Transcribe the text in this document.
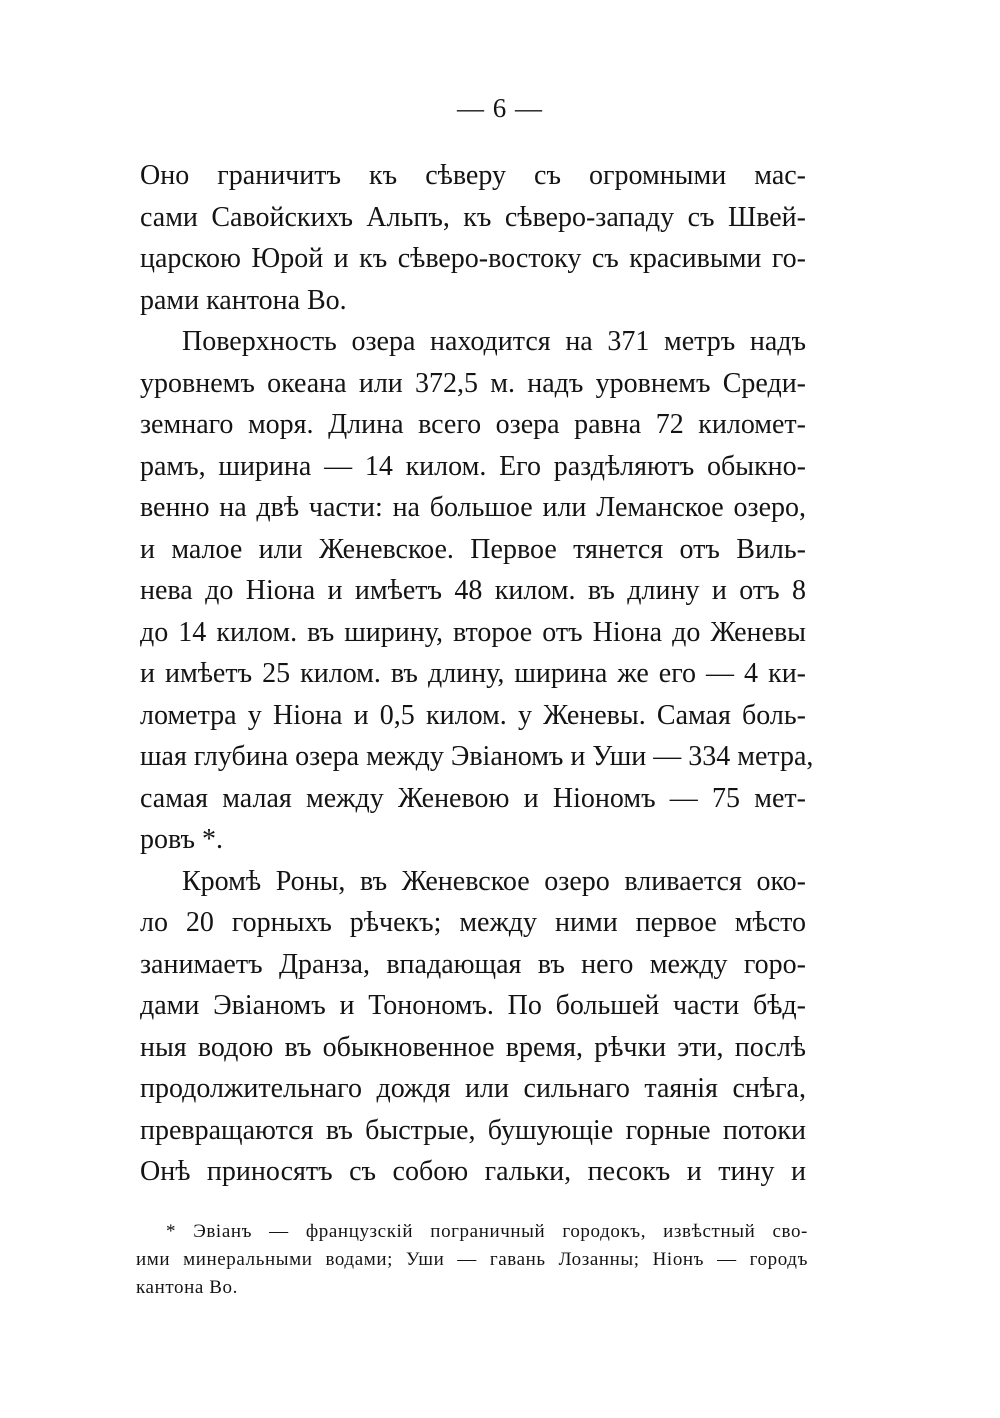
— 6 —
Оно граничитъ къ сѣверу съ огромными мас-
сами Савойскихъ Альпъ, къ сѣверо-западу съ Швей-
царскою Юрой и къ сѣверо-востоку съ красивыми го-
рами кантона Во.
Поверхность озера находится на 371 метръ надъ
уровнемъ океана или 372,5 м. надъ уровнемъ Среди-
земнаго моря. Длина всего озера равна 72 километ-
рамъ, ширина — 14 килом. Его раздѣляютъ обыкно-
венно на двѣ части: на большое или Леманское озеро,
и малое или Женевское. Первое тянется отъ Виль-
нева до Ніона и имѣетъ 48 килом. въ длину и отъ 8
до 14 килом. въ ширину, второе отъ Ніона до Женевы
и имѣетъ 25 килом. въ длину, ширина же его — 4 ки-
лометра у Ніона и 0,5 килом. у Женевы. Самая боль-
шая глубина озера между Эвіаномъ и Уши — 334 метра,
самая малая между Женевою и Ніономъ — 75 мет-
ровъ *.
Кромѣ Роны, въ Женевское озеро вливается око-
ло 20 горныхъ рѣчекъ; между ними первое мѣсто
занимаетъ Дранза, впадающая въ него между горо-
дами Эвіаномъ и Тонономъ. По большей части бѣд-
ныя водою въ обыкновенное время, рѣчки эти, послѣ
продолжительнаго дождя или сильнаго таянія снѣга,
превращаются въ быстрые, бушующіе горные потоки
Онѣ приносятъ съ собою гальки, песокъ и тину и
* Эвіанъ — французскій пограничный городокъ, извѣстный сво-
ими минеральными водами; Уши — гавань Лозанны; Ніонъ — городъ
кантона Во.
